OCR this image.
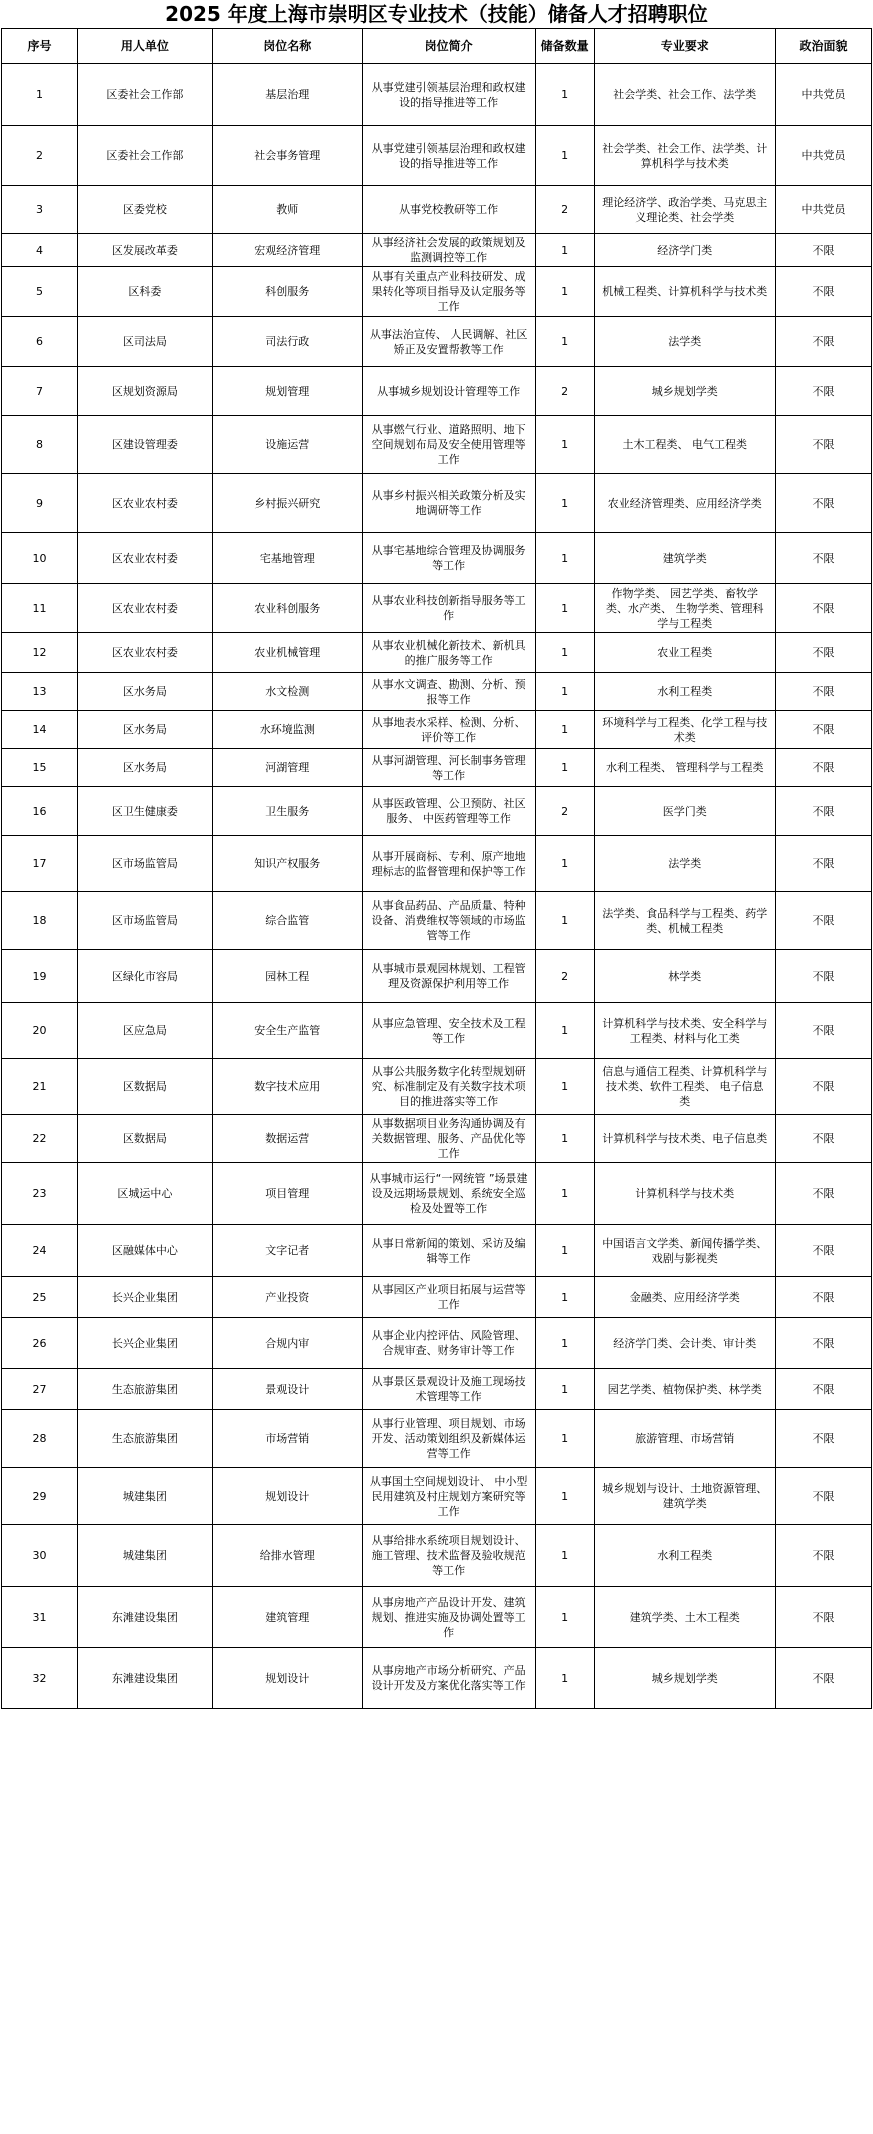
2025 年度上海市崇明区专业技术（技能）储备人才招聘职位
序号	用人单位	岗位名称	岗位简介	储备数量	专业要求	政治面貌
1	区委社会工作部	基层治理	从事党建引领基层治理和政权建设的指导推进等工作	1	社会学类、社会工作、法学类	中共党员
2	区委社会工作部	社会事务管理	从事党建引领基层治理和政权建设的指导推进等工作	1	社会学类、社会工作、法学类、计算机科学与技术类	中共党员
3	区委党校	教师	从事党校教研等工作	2	理论经济学、政治学类、马克思主义理论类、社会学类	中共党员
4	区发展改革委	宏观经济管理	从事经济社会发展的政策规划及监测调控等工作	1	经济学门类	不限
5	区科委	科创服务	从事有关重点产业科技研发、成果转化等项目指导及认定服务等工作	1	机械工程类、计算机科学与技术类	不限
6	区司法局	司法行政	从事法治宣传、 人民调解、社区矫正及安置帮教等工作	1	法学类	不限
7	区规划资源局	规划管理	从事城乡规划设计管理等工作	2	城乡规划学类	不限
8	区建设管理委	设施运营	从事燃气行业、道路照明、地下空间规划布局及安全使用管理等工作	1	土木工程类、 电气工程类	不限
9	区农业农村委	乡村振兴研究	从事乡村振兴相关政策分析及实地调研等工作	1	农业经济管理类、应用经济学类	不限
10	区农业农村委	宅基地管理	从事宅基地综合管理及协调服务等工作	1	建筑学类	不限
11	区农业农村委	农业科创服务	从事农业科技创新指导服务等工作	1	作物学类、 园艺学类、畜牧学类、水产类、 生物学类、管理科学与工程类	不限
12	区农业农村委	农业机械管理	从事农业机械化新技术、新机具的推广服务等工作	1	农业工程类	不限
13	区水务局	水文检测	从事水文调查、勘测、分析、预报等工作	1	水利工程类	不限
14	区水务局	水环境监测	从事地表水采样、检测、分析、评价等工作	1	环境科学与工程类、化学工程与技术类	不限
15	区水务局	河湖管理	从事河湖管理、河长制事务管理等工作	1	水利工程类、 管理科学与工程类	不限
16	区卫生健康委	卫生服务	从事医政管理、公卫预防、社区服务、 中医药管理等工作	2	医学门类	不限
17	区市场监管局	知识产权服务	从事开展商标、专利、原产地地理标志的监督管理和保护等工作	1	法学类	不限
18	区市场监管局	综合监管	从事食品药品、产品质量、特种设备、消费维权等领域的市场监管等工作	1	法学类、食品科学与工程类、药学类、机械工程类	不限
19	区绿化市容局	园林工程	从事城市景观园林规划、工程管理及资源保护利用等工作	2	林学类	不限
20	区应急局	安全生产监管	从事应急管理、安全技术及工程等工作	1	计算机科学与技术类、安全科学与工程类、材料与化工类	不限
21	区数据局	数字技术应用	从事公共服务数字化转型规划研究、标准制定及有关数字技术项目的推进落实等工作	1	信息与通信工程类、计算机科学与技术类、软件工程类、 电子信息类	不限
22	区数据局	数据运营	从事数据项目业务沟通协调及有关数据管理、服务、产品优化等工作	1	计算机科学与技术类、电子信息类	不限
23	区城运中心	项目管理	从事城市运行“一网统管 ”场景建设及远期场景规划、系统安全巡检及处置等工作	1	计算机科学与技术类	不限
24	区融媒体中心	文字记者	从事日常新闻的策划、采访及编辑等工作	1	中国语言文学类、新闻传播学类、戏剧与影视类	不限
25	长兴企业集团	产业投资	从事园区产业项目拓展与运营等工作	1	金融类、应用经济学类	不限
26	长兴企业集团	合规内审	从事企业内控评估、风险管理、合规审查、财务审计等工作	1	经济学门类、会计类、审计类	不限
27	生态旅游集团	景观设计	从事景区景观设计及施工现场技术管理等工作	1	园艺学类、植物保护类、林学类	不限
28	生态旅游集团	市场营销	从事行业管理、项目规划、市场开发、活动策划组织及新媒体运营等工作	1	旅游管理、市场营销	不限
29	城建集团	规划设计	从事国土空间规划设计、 中小型民用建筑及村庄规划方案研究等工作	1	城乡规划与设计、土地资源管理、建筑学类	不限
30	城建集团	给排水管理	从事给排水系统项目规划设计、施工管理、技术监督及验收规范等工作	1	水利工程类	不限
31	东滩建设集团	建筑管理	从事房地产产品设计开发、建筑规划、推进实施及协调处置等工作	1	建筑学类、土木工程类	不限
32	东滩建设集团	规划设计	从事房地产市场分析研究、产品设计开发及方案优化落实等工作	1	城乡规划学类	不限
